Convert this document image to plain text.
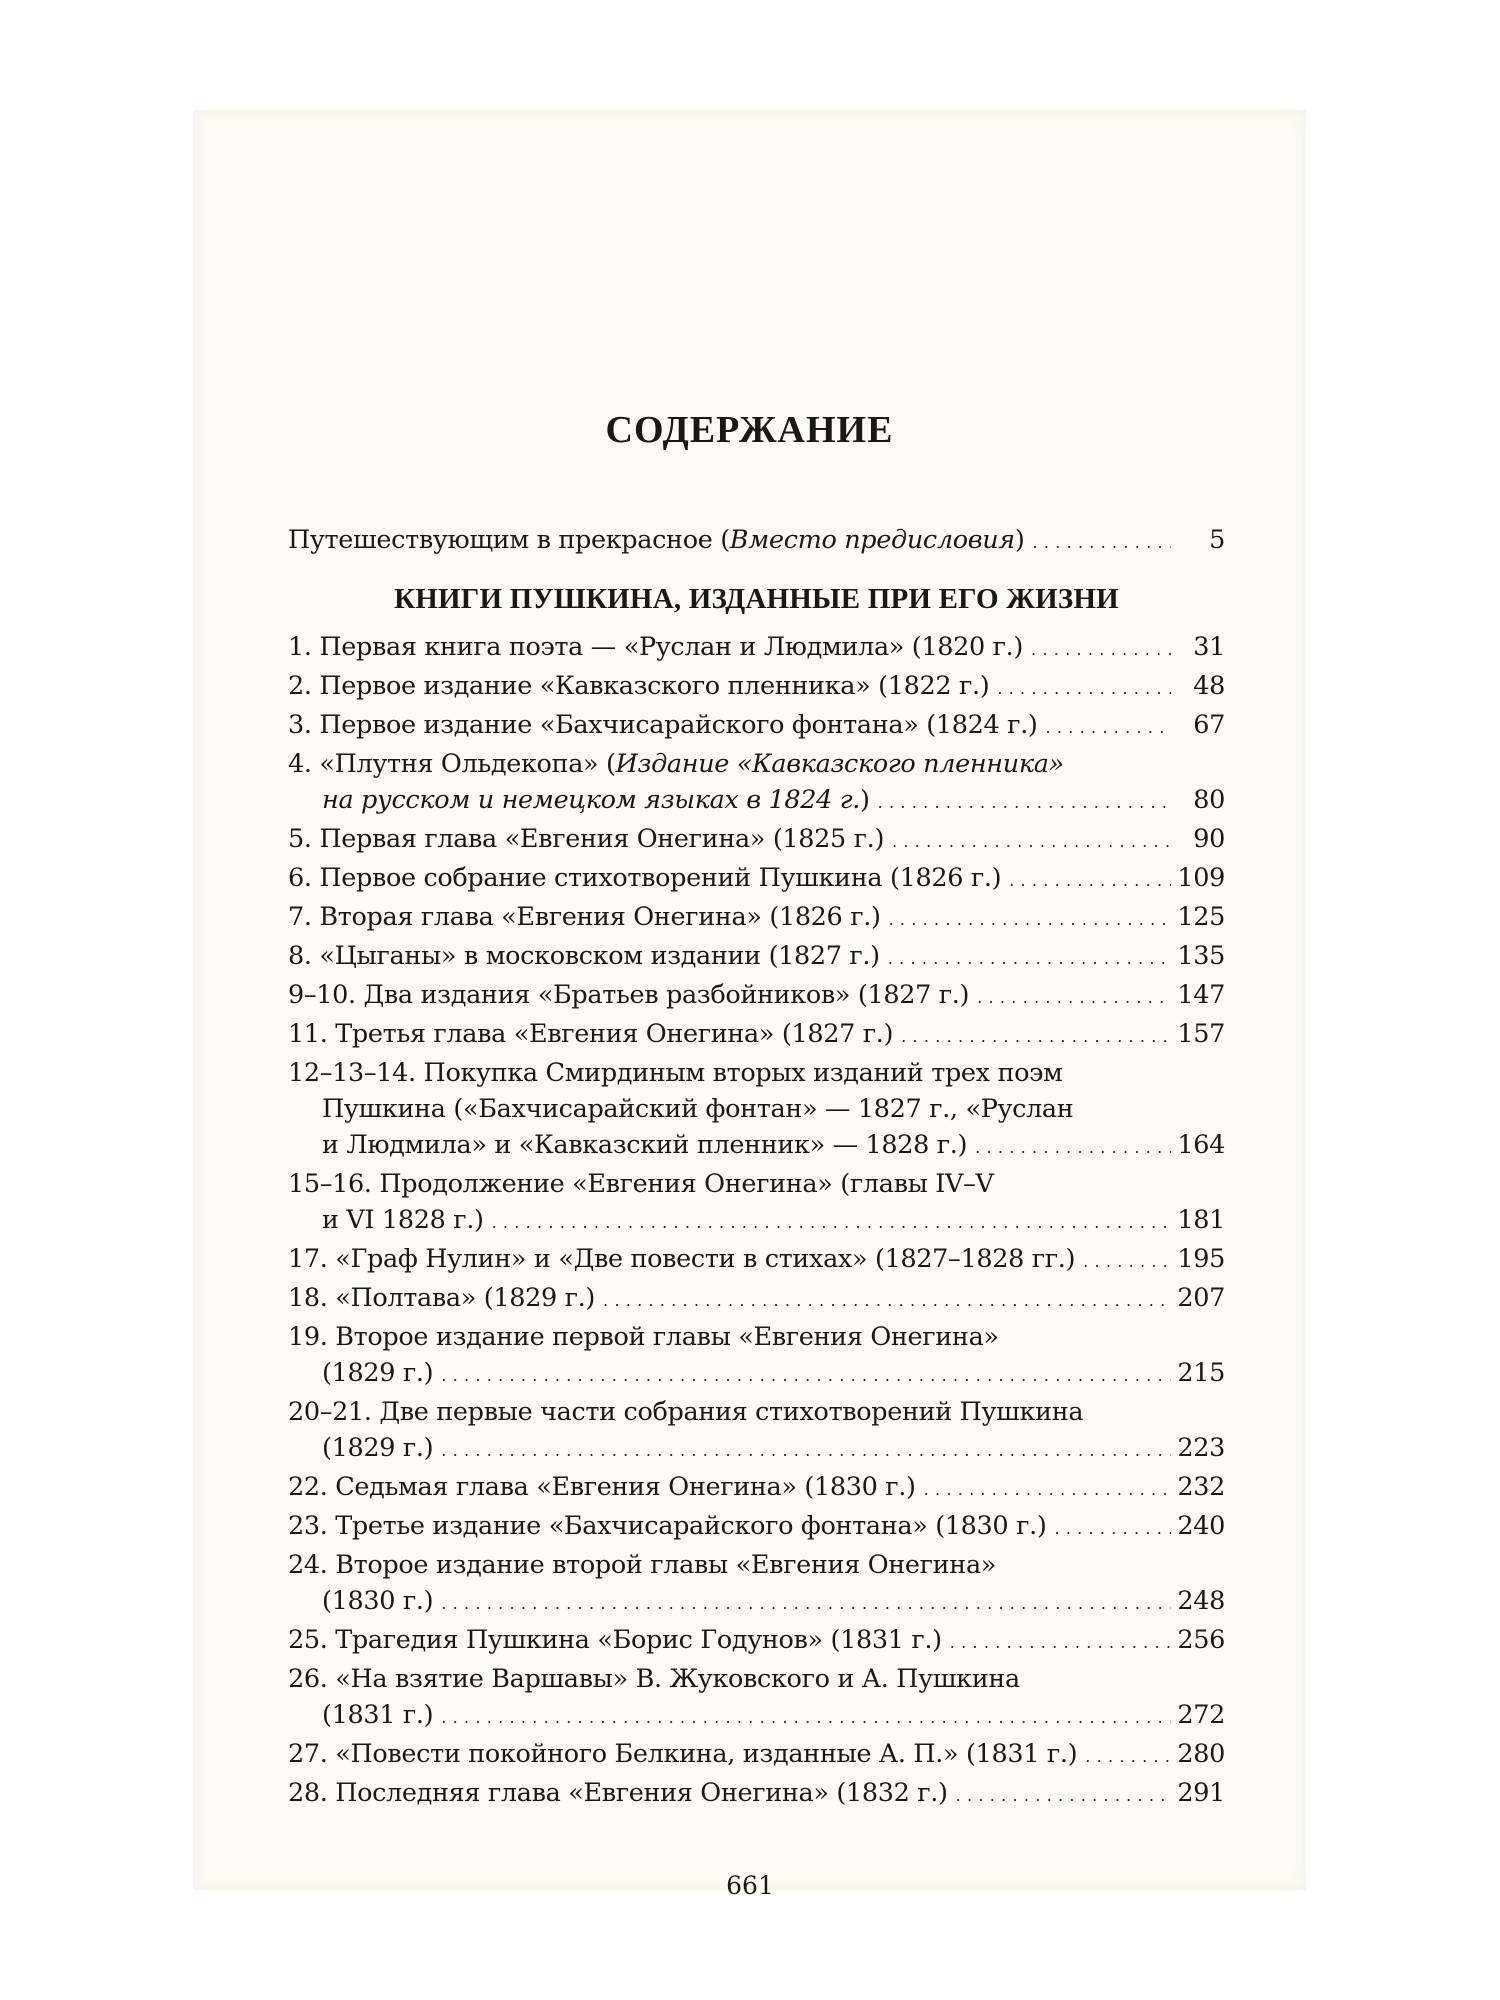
СОДЕРЖАНИЕ
Путешествующим в прекрасное (Вместо предисловия) . . .	5
КНИГИ ПУШКИНА, ИЗДАННЫЕ ПРИ ЕГО ЖИЗНИ
1. Первая книга поэта — «Руслан и Людмила» (1820 г.) . . .	31
2. Первое издание «Кавказского пленника» (1822 г.) . . .	48
3. Первое издание «Бахчисарайского фонтана» (1824 г.) . . .	67
4. «Плутня Ольдекопа» (Издание «Кавказского пленника»
на русском и немецком языках в 1824 г.) . . .	80
5. Первая глава «Евгения Онегина» (1825 г.) . . .	90
6. Первое собрание стихотворений Пушкина (1826 г.) . . .	109
7. Вторая глава «Евгения Онегина» (1826 г.) . . .	125
8. «Цыганы» в московском издании (1827 г.) . . .	135
9–10. Два издания «Братьев разбойников» (1827 г.) . . .	147
11. Третья глава «Евгения Онегина» (1827 г.) . . .	157
12–13–14. Покупка Смирдиным вторых изданий трех поэм
Пушкина («Бахчисарайский фонтан» — 1827 г., «Руслан
и Людмила» и «Кавказский пленник» — 1828 г.) . . .	164
15–16. Продолжение «Евгения Онегина» (главы IV–V
и VI 1828 г.) . . .	181
17. «Граф Нулин» и «Две повести в стихах» (1827–1828 гг.) . . .	195
18. «Полтава» (1829 г.) . . .	207
19. Второе издание первой главы «Евгения Онегина»
(1829 г.) . . .	215
20–21. Две первые части собрания стихотворений Пушкина
(1829 г.) . . .	223
22. Седьмая глава «Евгения Онегина» (1830 г.) . . .	232
23. Третье издание «Бахчисарайского фонтана» (1830 г.) . . .	240
24. Второе издание второй главы «Евгения Онегина»
(1830 г.) . . .	248
25. Трагедия Пушкина «Борис Годунов» (1831 г.) . . .	256
26. «На взятие Варшавы» В. Жуковского и А. Пушкина
(1831 г.) . . .	272
27. «Повести покойного Белкина, изданные А. П.» (1831 г.) . . .	280
28. Последняя глава «Евгения Онегина» (1832 г.) . . .	291
661
